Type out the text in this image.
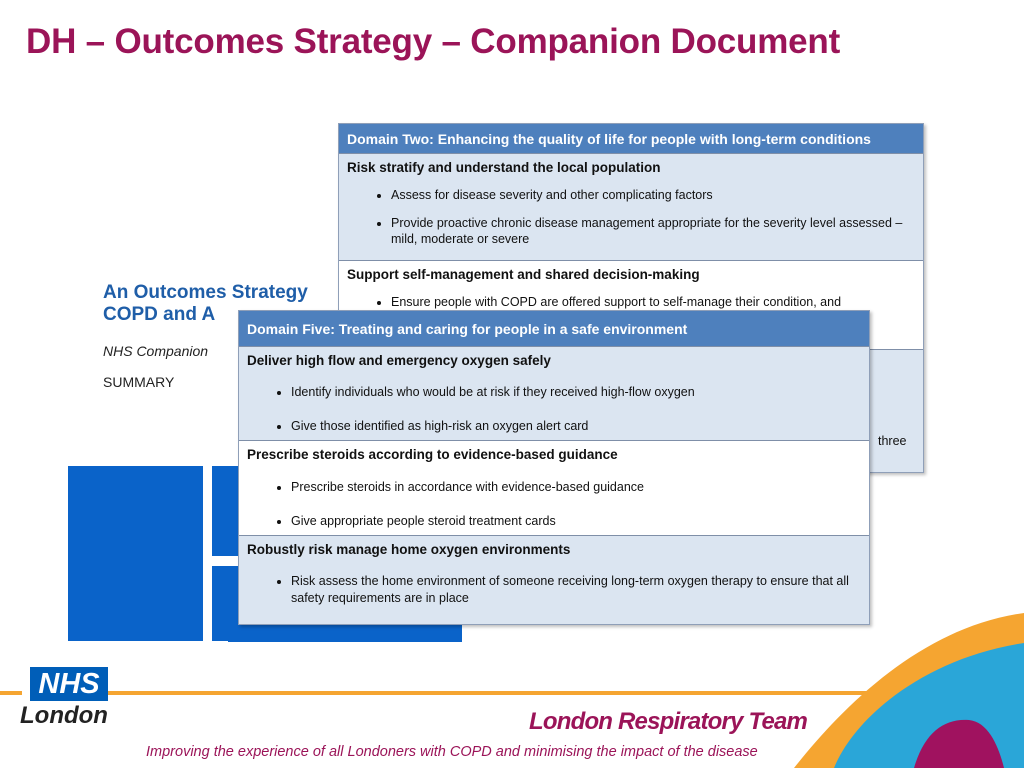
DH – Outcomes Strategy – Companion Document
An Outcomes Strategy
COPD and A
NHS Companion
SUMMARY
Domain Two: Enhancing the quality of life for people with long-term conditions
Risk stratify and understand the local population
• Assess for disease severity and other complicating factors
• Provide proactive chronic disease management appropriate for the severity level assessed – mild, moderate or severe
Support self-management and shared decision-making
• Ensure people with COPD are offered support to self-manage their condition, and
three
Domain Five: Treating and caring for people in a safe environment
Deliver high flow and emergency oxygen safely
• Identify individuals who would be at risk if they received high-flow oxygen
• Give those identified as high-risk an oxygen alert card
Prescribe steroids according to evidence-based guidance
• Prescribe steroids in accordance with evidence-based guidance
• Give appropriate people steroid treatment cards
Robustly risk manage home oxygen environments
• Risk assess the home environment of someone receiving long-term oxygen therapy to ensure that all safety requirements are in place
NHS
London	London Respiratory Team
Improving the experience of all Londoners with COPD and minimising the impact of the disease
